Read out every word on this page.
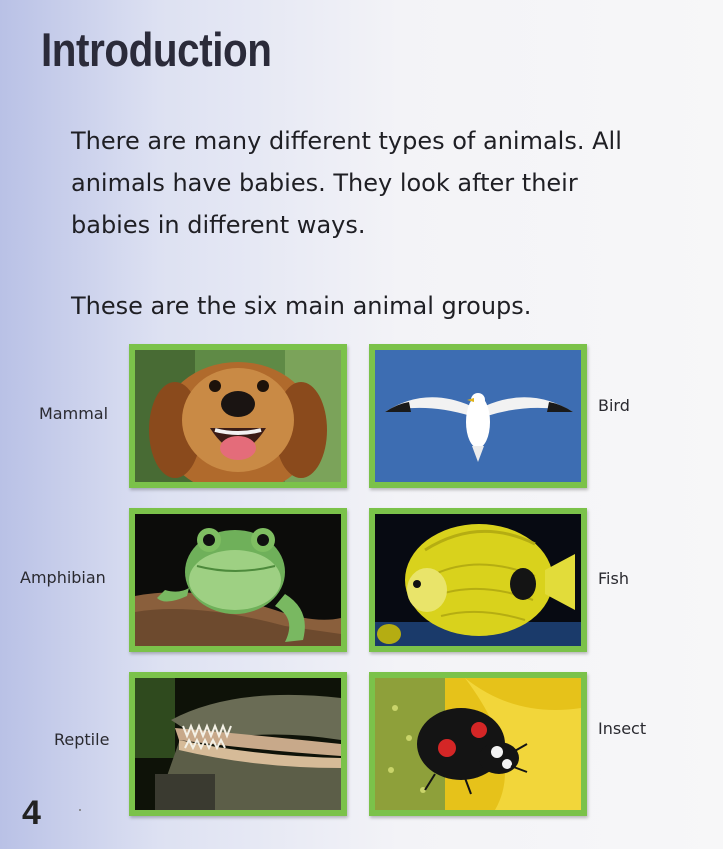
Introduction

There are many different types of animals. All animals have babies. They look after their babies in different ways.

These are the six main animal groups.

Mammal	Bird
Amphibian	Fish
Reptile
Insect
4
